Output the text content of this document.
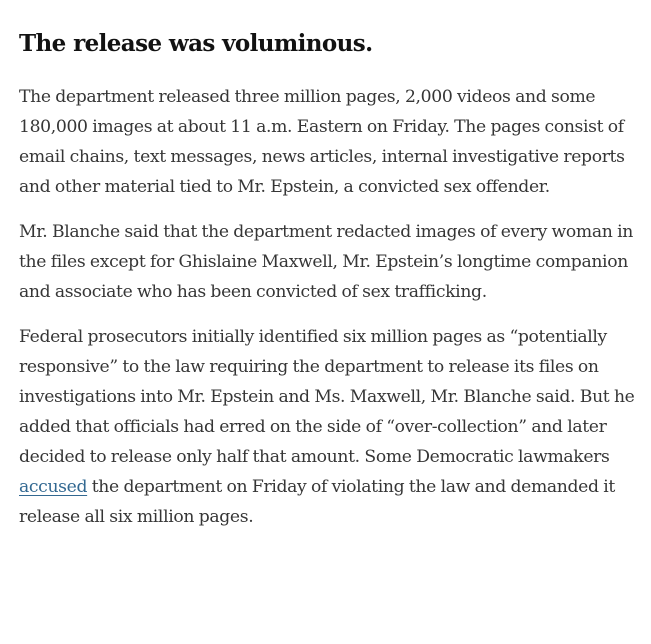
The release was voluminous.

The department released three million pages, 2,000 videos and some 180,000 images at about 11 a.m. Eastern on Friday. The pages consist of email chains, text messages, news articles, internal investigative reports and other material tied to Mr. Epstein, a convicted sex offender.

Mr. Blanche said that the department redacted images of every woman in the files except for Ghislaine Maxwell, Mr. Epstein’s longtime companion and associate who has been convicted of sex trafficking.

Federal prosecutors initially identified six million pages as “potentially responsive” to the law requiring the department to release its files on investigations into Mr. Epstein and Ms. Maxwell, Mr. Blanche said. But he added that officials had erred on the side of “over-collection” and later decided to release only half that amount. Some Democratic lawmakers accused the department on Friday of violating the law and demanded it release all six million pages.
